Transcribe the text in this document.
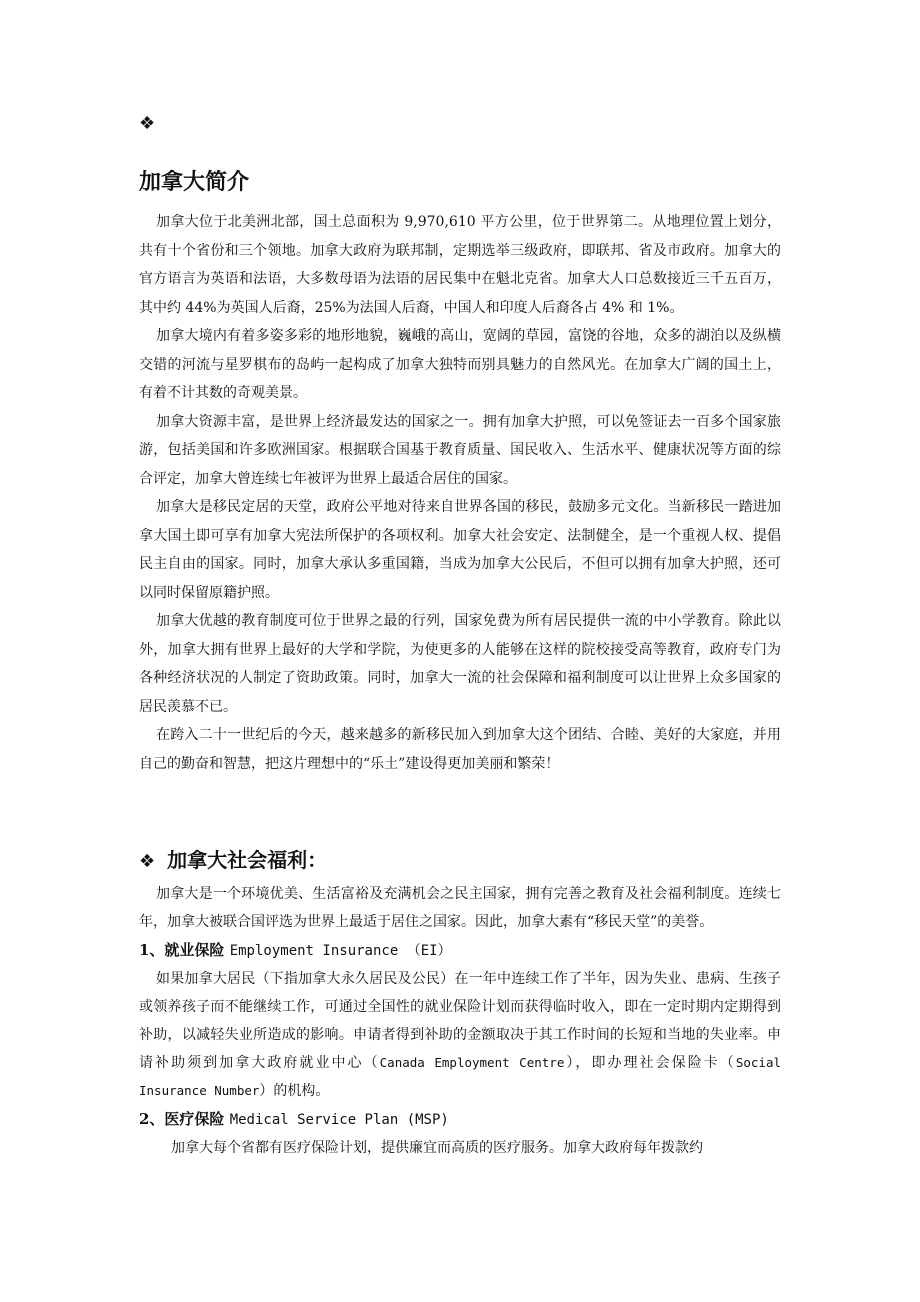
❖
加拿大简介

加拿大位于北美洲北部，国土总面积为 9,970,610 平方公里，位于世界第二。从地理位置上划分，共有十个省份和三个领地。加拿大政府为联邦制，定期选举三级政府，即联邦、省及市政府。加拿大的官方语言为英语和法语，大多数母语为法语的居民集中在魁北克省。加拿大人口总数接近三千五百万，其中约 44%为英国人后裔，25%为法国人后裔，中国人和印度人后裔各占 4% 和 1%。

加拿大境内有着多姿多彩的地形地貌，巍峨的高山，宽阔的草园，富饶的谷地，众多的湖泊以及纵横交错的河流与星罗棋布的岛屿一起构成了加拿大独特而别具魅力的自然风光。在加拿大广阔的国土上，有着不计其数的奇观美景。

加拿大资源丰富，是世界上经济最发达的国家之一。拥有加拿大护照，可以免签证去一百多个国家旅游，包括美国和许多欧洲国家。根据联合国基于教育质量、国民收入、生活水平、健康状况等方面的综合评定，加拿大曾连续七年被评为世界上最适合居住的国家。

加拿大是移民定居的天堂，政府公平地对待来自世界各国的移民，鼓励多元文化。当新移民一踏进加拿大国土即可享有加拿大宪法所保护的各项权利。加拿大社会安定、法制健全，是一个重视人权、提倡民主自由的国家。同时，加拿大承认多重国籍，当成为加拿大公民后，不但可以拥有加拿大护照，还可以同时保留原籍护照。

加拿大优越的教育制度可位于世界之最的行列，国家免费为所有居民提供一流的中小学教育。除此以外，加拿大拥有世界上最好的大学和学院，为使更多的人能够在这样的院校接受高等教育，政府专门为各种经济状况的人制定了资助政策。同时，加拿大一流的社会保障和福利制度可以让世界上众多国家的居民羡慕不已。

在跨入二十一世纪后的今天，越来越多的新移民加入到加拿大这个团结、合睦、美好的大家庭，并用自己的勤奋和智慧，把这片理想中的“乐土”建设得更加美丽和繁荣！

❖ 加拿大社会福利：

加拿大是一个环境优美、生活富裕及充满机会之民主国家，拥有完善之教育及社会福利制度。连续七年，加拿大被联合国评选为世界上最适于居住之国家。因此，加拿大素有“移民天堂”的美誉。

1、就业保险 Employment Insurance （EI）

如果加拿大居民（下指加拿大永久居民及公民）在一年中连续工作了半年，因为失业、患病、生孩子或领养孩子而不能继续工作，可通过全国性的就业保险计划而获得临时收入，即在一定时期内定期得到补助，以减轻失业所造成的影响。申请者得到补助的金额取决于其工作时间的长短和当地的失业率。申请补助须到加拿大政府就业中心（Canada Employment Centre），即办理社会保险卡（Social Insurance Number）的机构。

2、医疗保险 Medical Service Plan (MSP)

加拿大每个省都有医疗保险计划，提供廉宜而高质的医疗服务。加拿大政府每年拨款约
